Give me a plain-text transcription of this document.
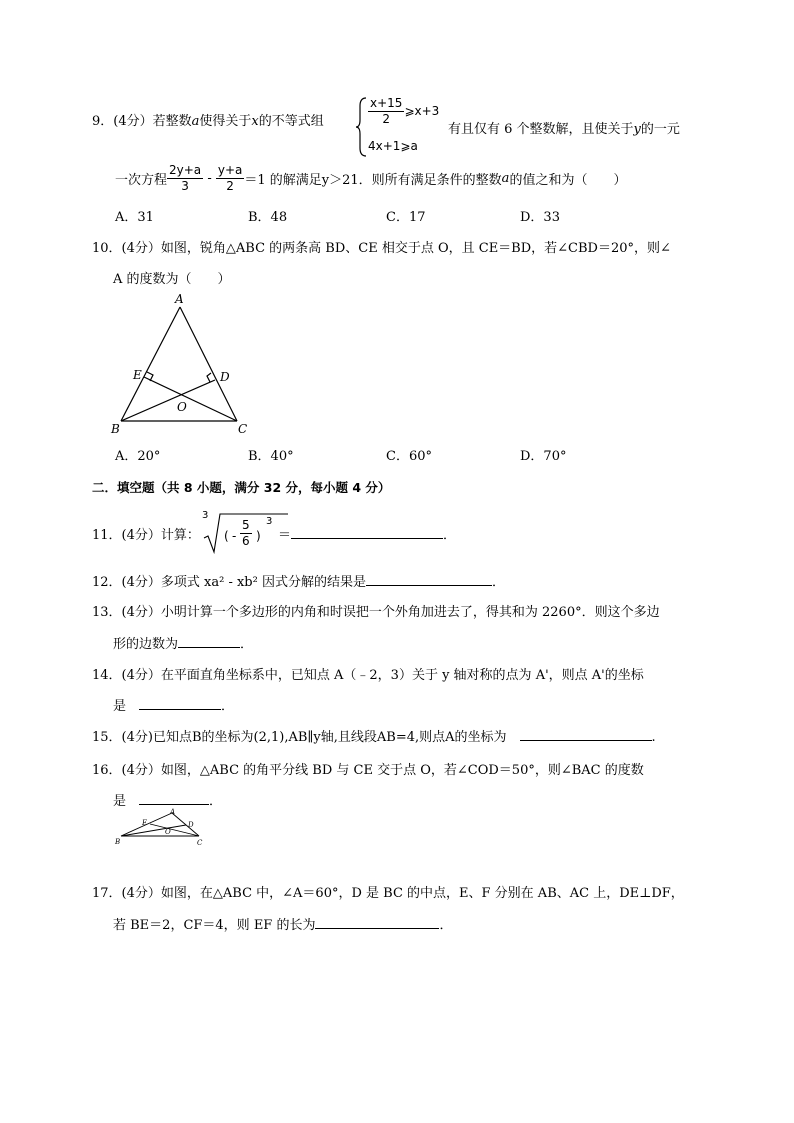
9．(4分）若整数a使得关于x的不等式组	$\frac{x+15}{2}$ ⩾x+3
4x+1⩾a
有且仅有 6 个整数解，且使关于y的一元
一次方程 $\frac{2y+a}{3} - \frac{y+a}{2} =1$ 的解满足y＞21．则所有满足条件的整数a的值之和为（　　）
A．31	B．48	C．17	D．33
10．(4分）如图，锐角△ABC 的两条高 BD、CE 相交于点 O，且 CE＝BD，若∠CBD＝20°，则∠
A 的度数为（　　）
A
B	C
D
E
O
A．20°	B．40°	C．60°	D．70°
二．填空题（共 8 小题，满分 32 分，每小题 4 分）
11．(4分）计算：
3
( - $\frac{5}{6}$ )
3
＝	．
12．(4分）多项式 xa² - xb² 因式分解的结果是	．
13．(4分）小明计算一个多边形的内角和时误把一个外角加进去了，得其和为 2260°．则这个多边
形的边数为	．
14．(4分）在平面直角坐标系中，已知点 A（﹣2，3）关于 y 轴对称的点为 A'，则点 A'的坐标
是　	．
15．(4分)已知点B的坐标为(2,1),AB∥y轴,且线段AB=4,则点A的坐标为　	.
16．(4分）如图，△ABC 的角平分线 BD 与 CE 交于点 O，若∠COD＝50°，则∠BAC 的度数
是　	．
A
B	C
D
E
O
17．(4分）如图，在△ABC 中，∠A＝60°，D 是 BC 的中点，E、F 分别在 AB、AC 上，DE⊥DF，
若 BE＝2，CF＝4，则 EF 的长为	．
